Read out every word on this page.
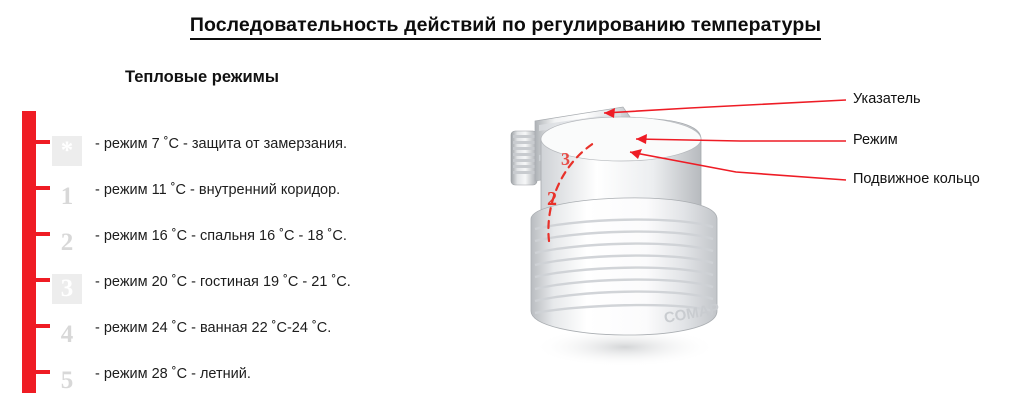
Последовательность действий по регулированию температуры
Тепловые режимы
*
1
2
3
4
5
- режим 7 ˚С - защита от замерзания.
- режим 11 ˚С - внутренний коридор.
- режим 16 ˚С - спальня 16 ˚С - 18 ˚С.
- режим 20 ˚С - гостиная 19 ˚С - 21 ˚С.
- режим 24 ˚С - ванная 22 ˚С-24 ˚С.
- режим 28 ˚С - летний.
COMAP
2
3
Указатель
Режим
Подвижное кольцо
